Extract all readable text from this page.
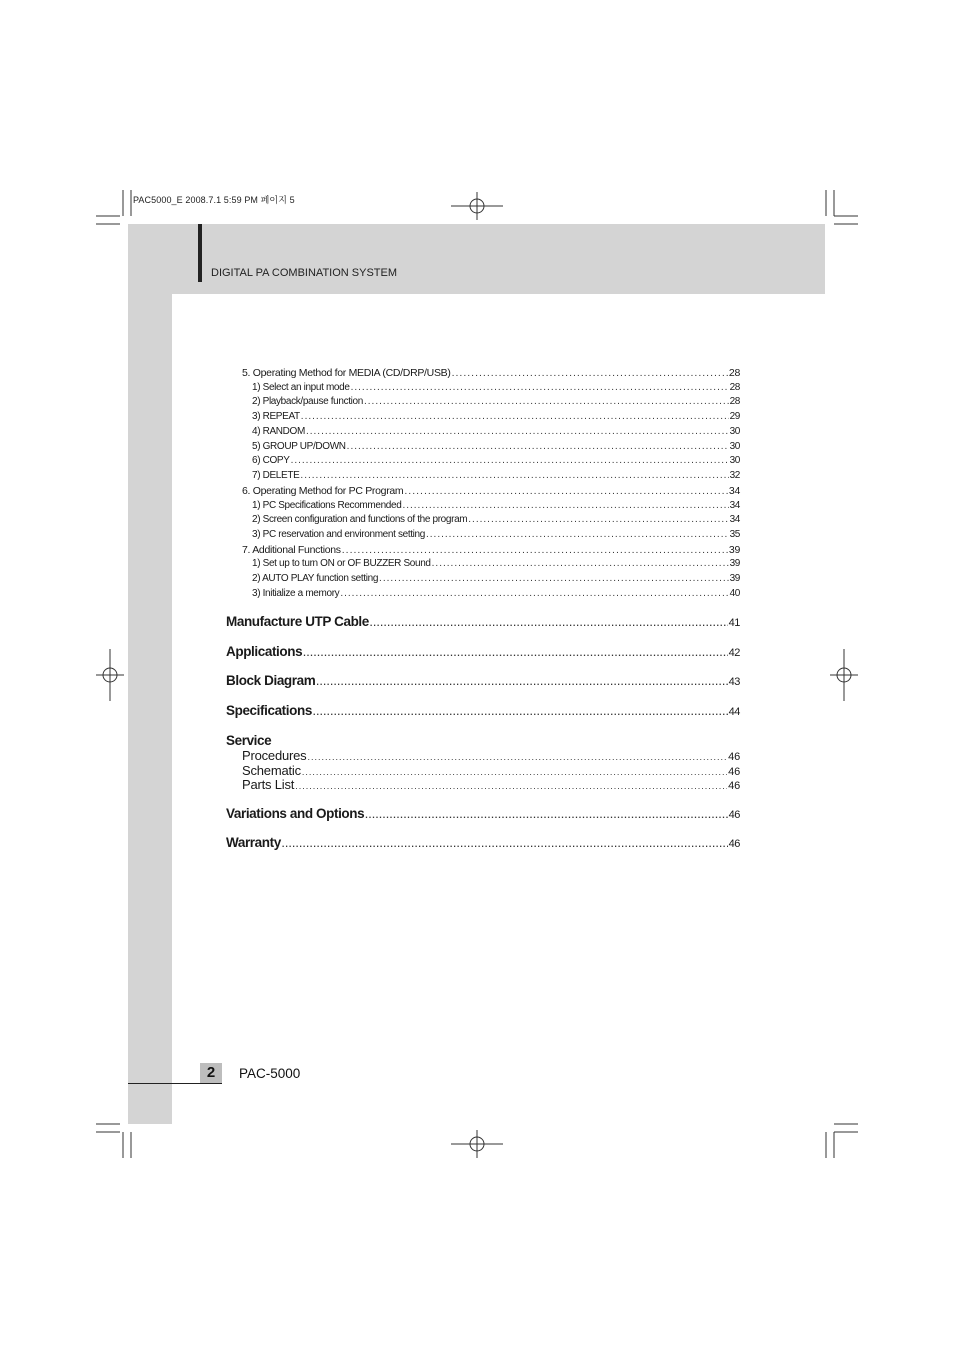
PAC5000_E 2008.7.1 5:59 PM 페이지 5
DIGITAL PA COMBINATION SYSTEM
5. Operating Method for MEDIA (CD/DRP/USB) .....	28
1) Select an input mode .....	28
2) Playback/pause function .....	28
3) REPEAT .....	29
4) RANDOM .....	30
5) GROUP UP/DOWN .....	30
6) COPY .....	30
7) DELETE .....	32
6. Operating Method for PC Program .....	34
1) PC Specifications Recommended .....	34
2) Screen configuration and functions of the program .....	34
3) PC reservation and environment setting .....	35
7. Additional Functions .....	39
1) Set up to turn ON or OF BUZZER Sound .....	39
2) AUTO PLAY function setting .....	39
3) Initialize a memory .....	40
Manufacture UTP Cable .....	41
Applications .....	42
Block Diagram .....	43
Specifications .....	44
Service
Procedures .....	46
Schematic .....	46
Parts List .....	46
Variations and Options .....	46
Warranty .....	46
2	PAC-5000
